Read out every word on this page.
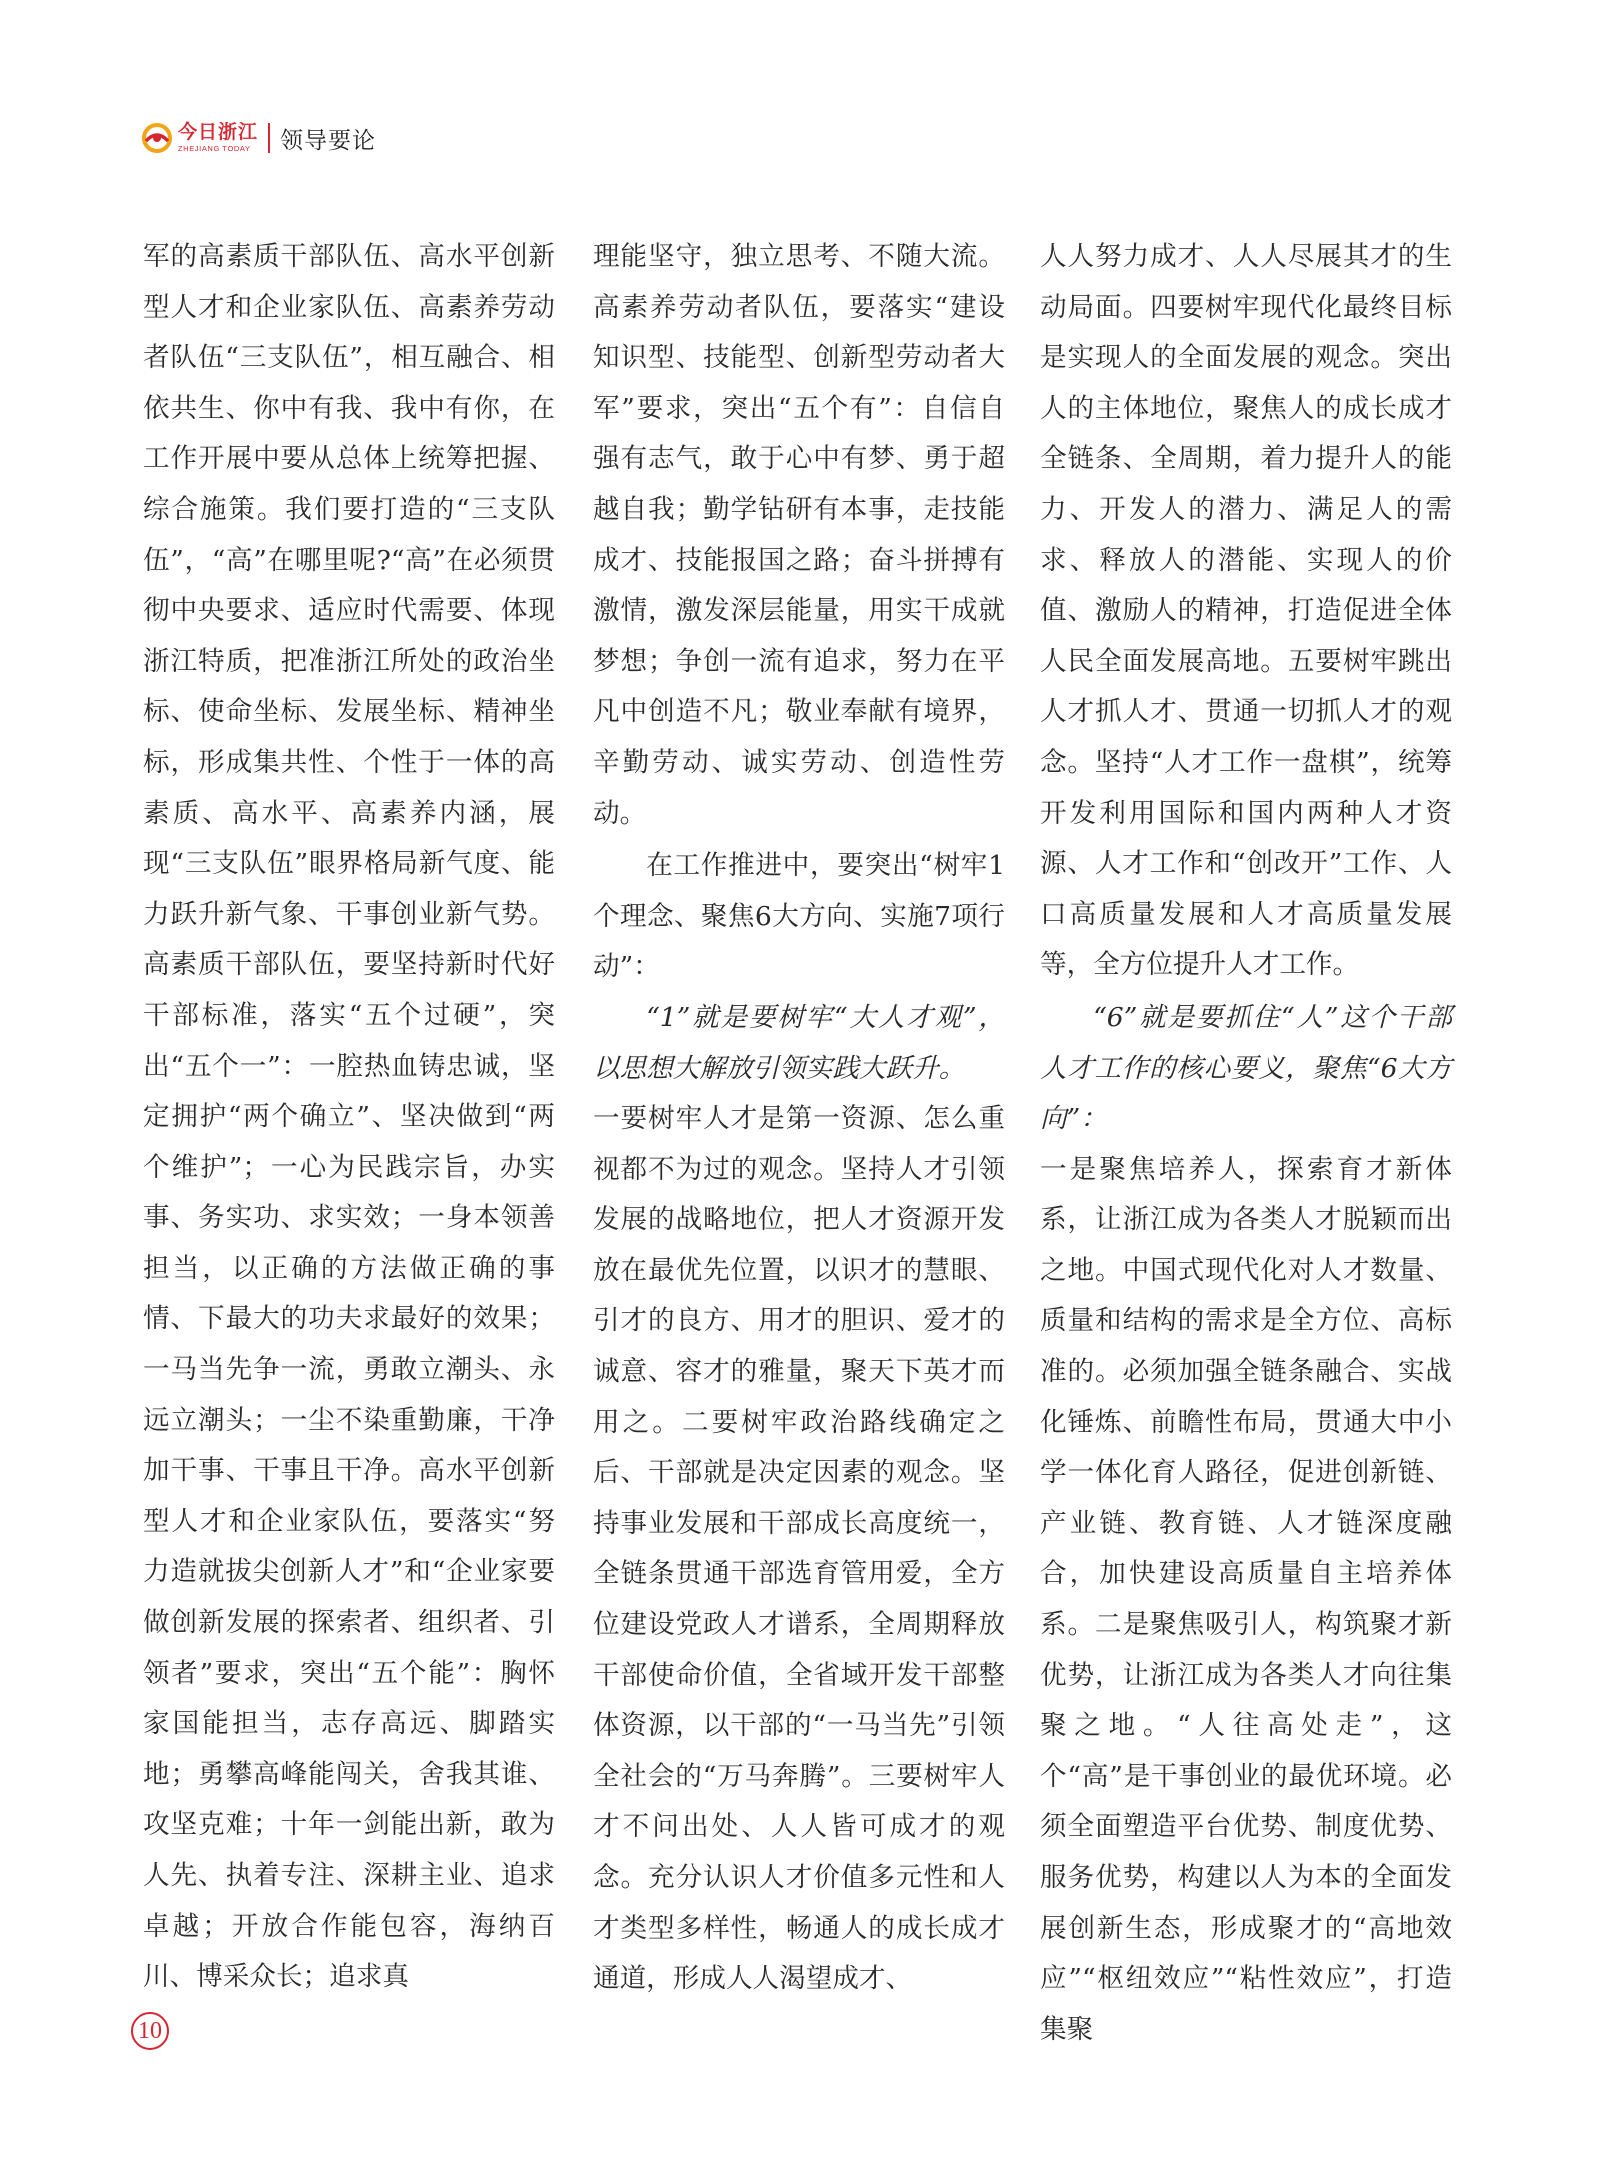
今日浙江
ZHEJIANG TODAY	领导要论

军的高素质干部队伍、高水平创新型人才和企业家队伍、高素养劳动者队伍“三支队伍”，相互融合、相依共生、你中有我、我中有你，在工作开展中要从总体上统筹把握、综合施策。我们要打造的“三支队伍”，“高”在哪里呢?“高”在必须贯彻中央要求、适应时代需要、体现浙江特质，把准浙江所处的政治坐标、使命坐标、发展坐标、精神坐标，形成集共性、个性于一体的高素质、高水平、高素养内涵，展现“三支队伍”眼界格局新气度、能力跃升新气象、干事创业新气势。高素质干部队伍，要坚持新时代好干部标准，落实“五个过硬”，突出“五个一”：一腔热血铸忠诚，坚定拥护“两个确立”、坚决做到“两个维护”；一心为民践宗旨，办实事、务实功、求实效；一身本领善担当，以正确的方法做正确的事情、下最大的功夫求最好的效果；一马当先争一流，勇敢立潮头、永远立潮头；一尘不染重勤廉，干净加干事、干事且干净。高水平创新型人才和企业家队伍，要落实“努力造就拔尖创新人才”和“企业家要做创新发展的探索者、组织者、引领者”要求，突出“五个能”：胸怀家国能担当，志存高远、脚踏实地；勇攀高峰能闯关，舍我其谁、攻坚克难；十年一剑能出新，敢为人先、执着专注、深耕主业、追求卓越；开放合作能包容，海纳百川、博采众长；追求真

理能坚守，独立思考、不随大流。高素养劳动者队伍，要落实“建设知识型、技能型、创新型劳动者大军”要求，突出“五个有”：自信自强有志气，敢于心中有梦、勇于超越自我；勤学钻研有本事，走技能成才、技能报国之路；奋斗拼搏有激情，激发深层能量，用实干成就梦想；争创一流有追求，努力在平凡中创造不凡；敬业奉献有境界，辛勤劳动、诚实劳动、创造性劳动。

在工作推进中，要突出“树牢1个理念、聚焦6大方向、实施7项行动”：

“1”就是要树牢“大人才观”，以思想大解放引领实践大跃升。

一要树牢人才是第一资源、怎么重视都不为过的观念。坚持人才引领发展的战略地位，把人才资源开发放在最优先位置，以识才的慧眼、引才的良方、用才的胆识、爱才的诚意、容才的雅量，聚天下英才而用之。二要树牢政治路线确定之后、干部就是决定因素的观念。坚持事业发展和干部成长高度统一，全链条贯通干部选育管用爱，全方位建设党政人才谱系，全周期释放干部使命价值，全省域开发干部整体资源，以干部的“一马当先”引领全社会的“万马奔腾”。三要树牢人才不问出处、人人皆可成才的观念。充分认识人才价值多元性和人才类型多样性，畅通人的成长成才通道，形成人人渴望成才、

人人努力成才、人人尽展其才的生动局面。四要树牢现代化最终目标是实现人的全面发展的观念。突出人的主体地位，聚焦人的成长成才全链条、全周期，着力提升人的能力、开发人的潜力、满足人的需求、释放人的潜能、实现人的价值、激励人的精神，打造促进全体人民全面发展高地。五要树牢跳出人才抓人才、贯通一切抓人才的观念。坚持“人才工作一盘棋”，统筹开发利用国际和国内两种人才资源、人才工作和“创改开”工作、人口高质量发展和人才高质量发展等，全方位提升人才工作。

“6”就是要抓住“人”这个干部人才工作的核心要义，聚焦“6大方向”：

一是聚焦培养人，探索育才新体系，让浙江成为各类人才脱颖而出之地。中国式现代化对人才数量、质量和结构的需求是全方位、高标准的。必须加强全链条融合、实战化锤炼、前瞻性布局，贯通大中小学一体化育人路径，促进创新链、产业链、教育链、人才链深度融合，加快建设高质量自主培养体系。二是聚焦吸引人，构筑聚才新优势，让浙江成为各类人才向往集聚之地。“人往高处走”，这个“高”是干事创业的最优环境。必须全面塑造平台优势、制度优势、服务优势，构建以人为本的全面发展创新生态，形成聚才的“高地效应”“枢纽效应”“粘性效应”，打造集聚

10
